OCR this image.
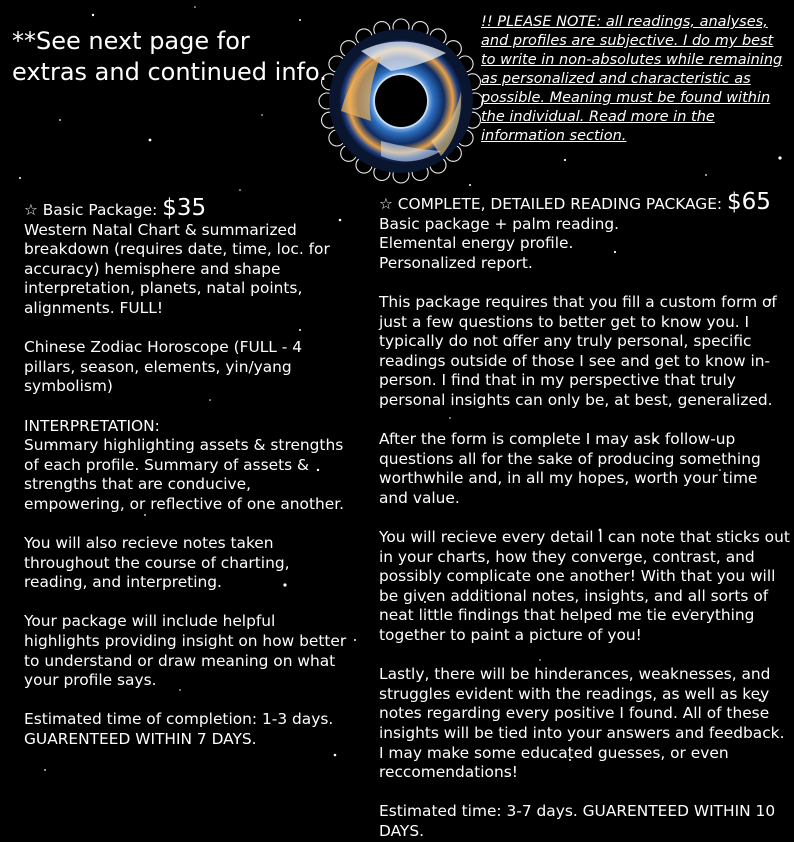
**See next page for extras and continued info.
!! PLEASE NOTE: all readings, analyses, and profiles are subjective. I do my best to write in non-absolutes while remaining as personalized and characteristic as possible. Meaning must be found within the individual. Read more in the information section.
☆ Basic Package: $35

Western Natal Chart & summarized breakdown (requires date, time, loc. for accuracy) hemisphere and shape interpretation, planets, natal points, alignments. FULL!

Chinese Zodiac Horoscope (FULL - 4 pillars, season, elements, yin/yang symbolism)

INTERPRETATION:
Summary highlighting assets & strengths of each profile. Summary of assets & strengths that are conducive, empowering, or reflective of one another.

You will also recieve notes taken throughout the course of charting, reading, and interpreting.

Your package will include helpful highlights providing insight on how better to understand or draw meaning on what your profile says.

Estimated time of completion: 1-3 days.
GUARENTEED WITHIN 7 DAYS.

☆ COMPLETE, DETAILED READING PACKAGE: $65

Basic package + palm reading.
Elemental energy profile.
Personalized report.

This package requires that you fill a custom form of just a few questions to better get to know you. I typically do not offer any truly personal, specific readings outside of those I see and get to know in-person. I find that in my perspective that truly personal insights can only be, at best, generalized.

After the form is complete I may ask follow-up questions all for the sake of producing something worthwhile and, in all my hopes, worth your time and value.

You will recieve every detail I can note that sticks out in your charts, how they converge, contrast, and possibly complicate one another! With that you will be given additional notes, insights, and all sorts of neat little findings that helped me tie everything together to paint a picture of you!

Lastly, there will be hinderances, weaknesses, and struggles evident with the readings, as well as key notes regarding every positive I found. All of these insights will be tied into your answers and feedback. I may make some educated guesses, or even reccomendations!

Estimated time: 3-7 days. GUARENTEED WITHIN 10 DAYS.
